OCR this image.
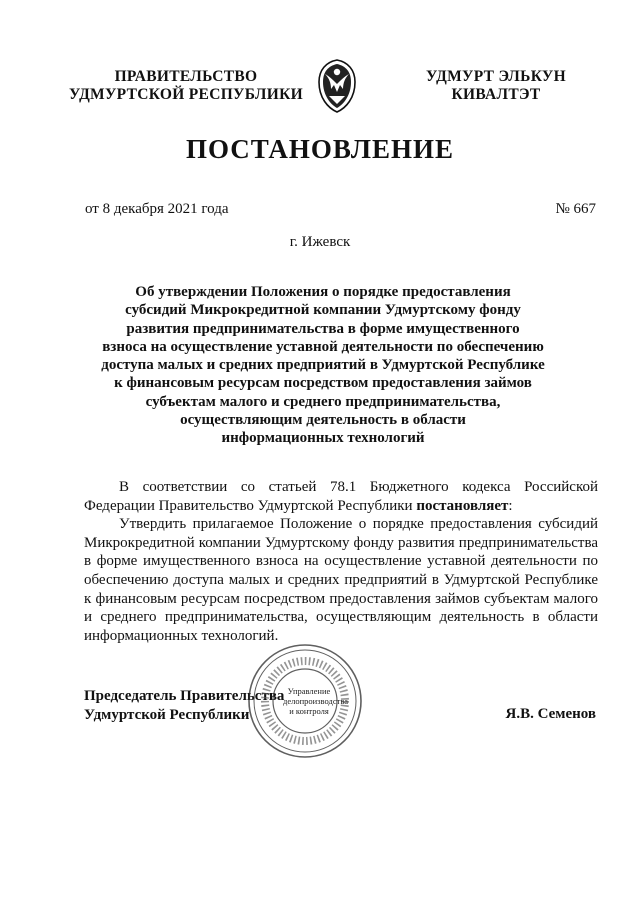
ПРАВИТЕЛЬСТВО
УДМУРТСКОЙ РЕСПУБЛИКИ
УДМУРТ ЭЛЬКУН
КИВАЛТЭТ
ПОСТАНОВЛЕНИЕ
от 8 декабря 2021 года	№ 667
г. Ижевск
Об утверждении Положения о порядке предоставления
субсидий Микрокредитной компании Удмуртскому фонду
развития предпринимательства в форме имущественного
взноса на осуществление уставной деятельности по обеспечению
доступа малых и средних предприятий в Удмуртской Республике
к финансовым ресурсам посредством предоставления займов
субъектам малого и среднего предпринимательства,
осуществляющим деятельность в области
информационных технологий

В соответствии со статьей 78.1 Бюджетного кодекса Российской Федерации Правительство Удмуртской Республики постановляет:

Утвердить прилагаемое Положение о порядке предоставления субсидий Микрокредитной компании Удмуртскому фонду развития предпринимательства в форме имущественного взноса на осуществление уставной деятельности по обеспечению доступа малых и средних предприятий в Удмуртской Республике к финансовым ресурсам посредством предоставления займов субъектам малого и среднего предпринимательства, осуществляющим деятельность в области информационных технологий.

Председатель Правительства
Удмуртской Республики
Управление
делопроизводства
и контроля	Я.В. Семенов
